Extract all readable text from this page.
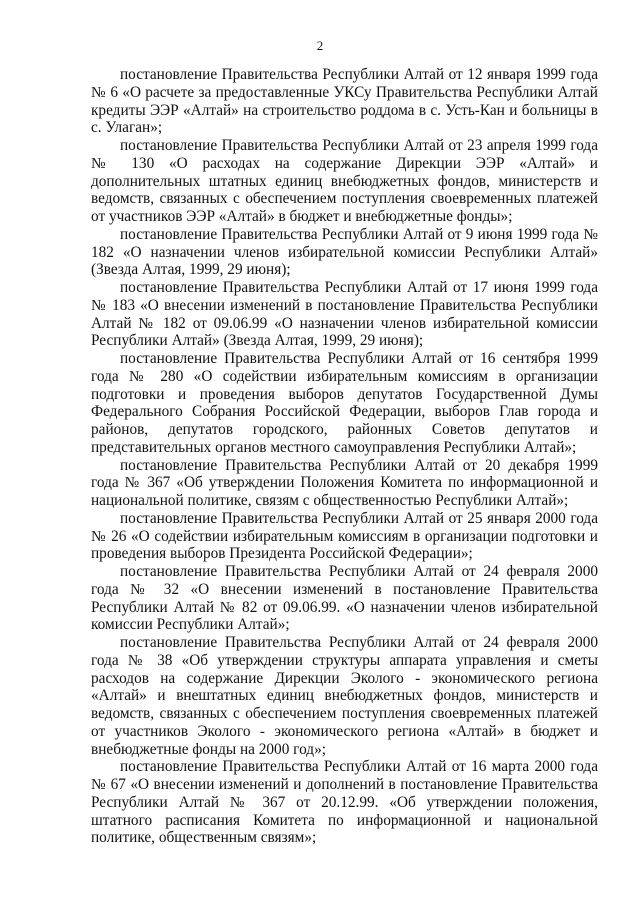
2

постановление Правительства Республики Алтай от 12 января 1999 года № 6 «О расчете за предоставленные УКСу Правительства Республики Алтай кредиты ЭЭР «Алтай» на строительство роддома в с. Усть-Кан и больницы в с. Улаган»;

постановление Правительства Республики Алтай от 23 апреля 1999 года № 130 «О расходах на содержание Дирекции ЭЭР «Алтай» и дополнительных штатных единиц внебюджетных фондов, министерств и ведомств, связанных с обеспечением поступления своевременных платежей от участников ЭЭР «Алтай» в бюджет и внебюджетные фонды»;

постановление Правительства Республики Алтай от 9 июня 1999 года № 182 «О назначении членов избирательной комиссии Республики Алтай» (Звезда Алтая, 1999, 29 июня);

постановление Правительства Республики Алтай от 17 июня 1999 года № 183 «О внесении изменений в постановление Правительства Республики Алтай № 182 от 09.06.99 «О назначении членов избирательной комиссии Республики Алтай» (Звезда Алтая, 1999, 29 июня);

постановление Правительства Республики Алтай от 16 сентября 1999 года № 280 «О содействии избирательным комиссиям в организации подготовки и проведения выборов депутатов Государственной Думы Федерального Собрания Российской Федерации, выборов Глав города и районов, депутатов городского, районных Советов депутатов и представительных органов местного самоуправления Республики Алтай»;

постановление Правительства Республики Алтай от 20 декабря 1999 года № 367 «Об утверждении Положения Комитета по информационной и национальной политике, связям с общественностью Республики Алтай»;

постановление Правительства Республики Алтай от 25 января 2000 года № 26 «О содействии избирательным комиссиям в организации подготовки и проведения выборов Президента Российской Федерации»;

постановление Правительства Республики Алтай от 24 февраля 2000 года № 32 «О внесении изменений в постановление Правительства Республики Алтай № 82 от 09.06.99. «О назначении членов избирательной комиссии Республики Алтай»;

постановление Правительства Республики Алтай от 24 февраля 2000 года № 38 «Об утверждении структуры аппарата управления и сметы расходов на содержание Дирекции Эколого - экономического региона «Алтай» и внештатных единиц внебюджетных фондов, министерств и ведомств, связанных с обеспечением поступления своевременных платежей от участников Эколого - экономического региона «Алтай» в бюджет и внебюджетные фонды на 2000 год»;

постановление Правительства Республики Алтай от 16 марта 2000 года № 67 «О внесении изменений и дополнений в постановление Правительства Республики Алтай № 367 от 20.12.99. «Об утверждении положения, штатного расписания Комитета по информационной и национальной политике, общественным связям»;
